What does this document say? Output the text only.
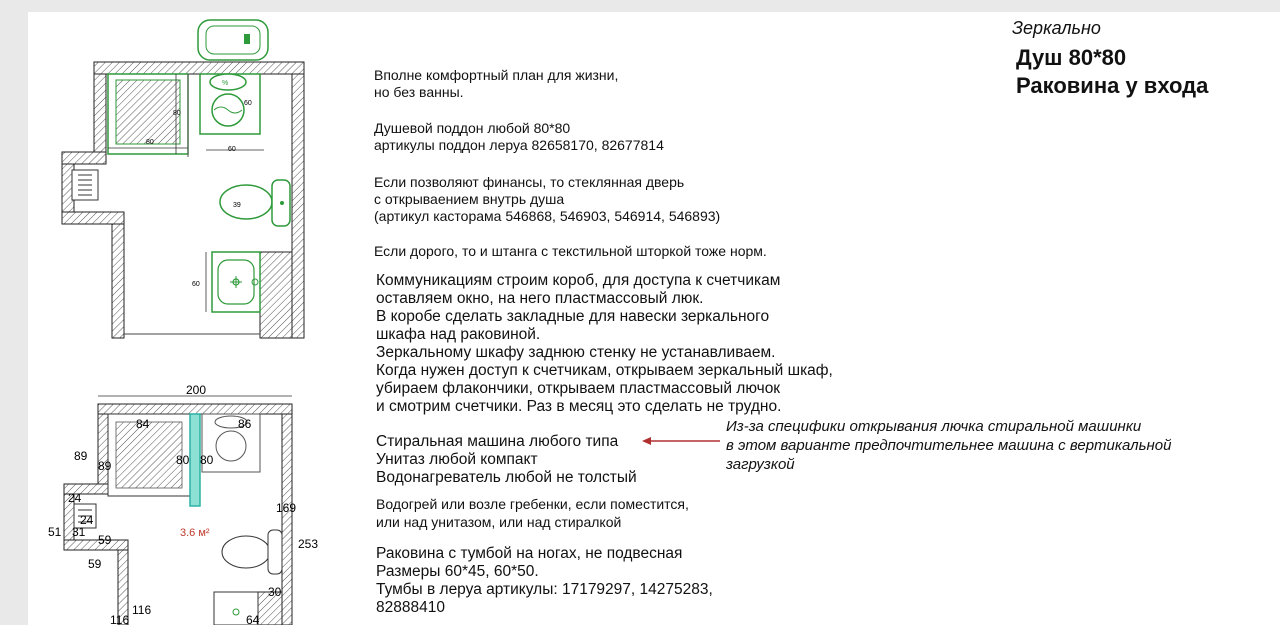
80
80
%
60
60
39
60
200
84	86
80 80
89
89
24
24
51 31
59
59
169
253
30
116
116
64
3.6 м²
Зеркально
Душ 80*80
Раковина у входа
Вполне комфортный план для жизни,
но без ванны.
Душевой поддон любой 80*80
артикулы поддон леруа 82658170, 82677814
Если позволяют финансы, то стеклянная дверь
с открываением внутрь душа
(артикул касторама 546868, 546903, 546914, 546893)
Если дорого, то и штанга с текстильной шторкой тоже норм.
Коммуникациям строим короб, для доступа к счетчикам
оставляем окно, на него пластмассовый люк.
В коробе сделать закладные для навески зеркального
шкафа над раковиной.
Зеркальному шкафу заднюю стенку не устанавливаем.
Когда нужен доступ к счетчикам, открываем зеркальный шкаф,
убираем флакончики, открываем пластмассовый лючок
и смотрим счетчики. Раз в месяц это сделать не трудно.
Стиральная машина любого типа
Унитаз любой компакт
Водонагреватель любой не толстый
Из-за специфики открывания лючка стиральной машинки
в этом варианте предпочтительнее машина с вертикальной
загрузкой
Водогрей или возле гребенки, если поместится,
или над унитазом, или над стиралкой
Раковина с тумбой на ногах, не подвесная
Размеры 60*45, 60*50.
Тумбы в леруа артикулы: 17179297, 14275283,
82888410
